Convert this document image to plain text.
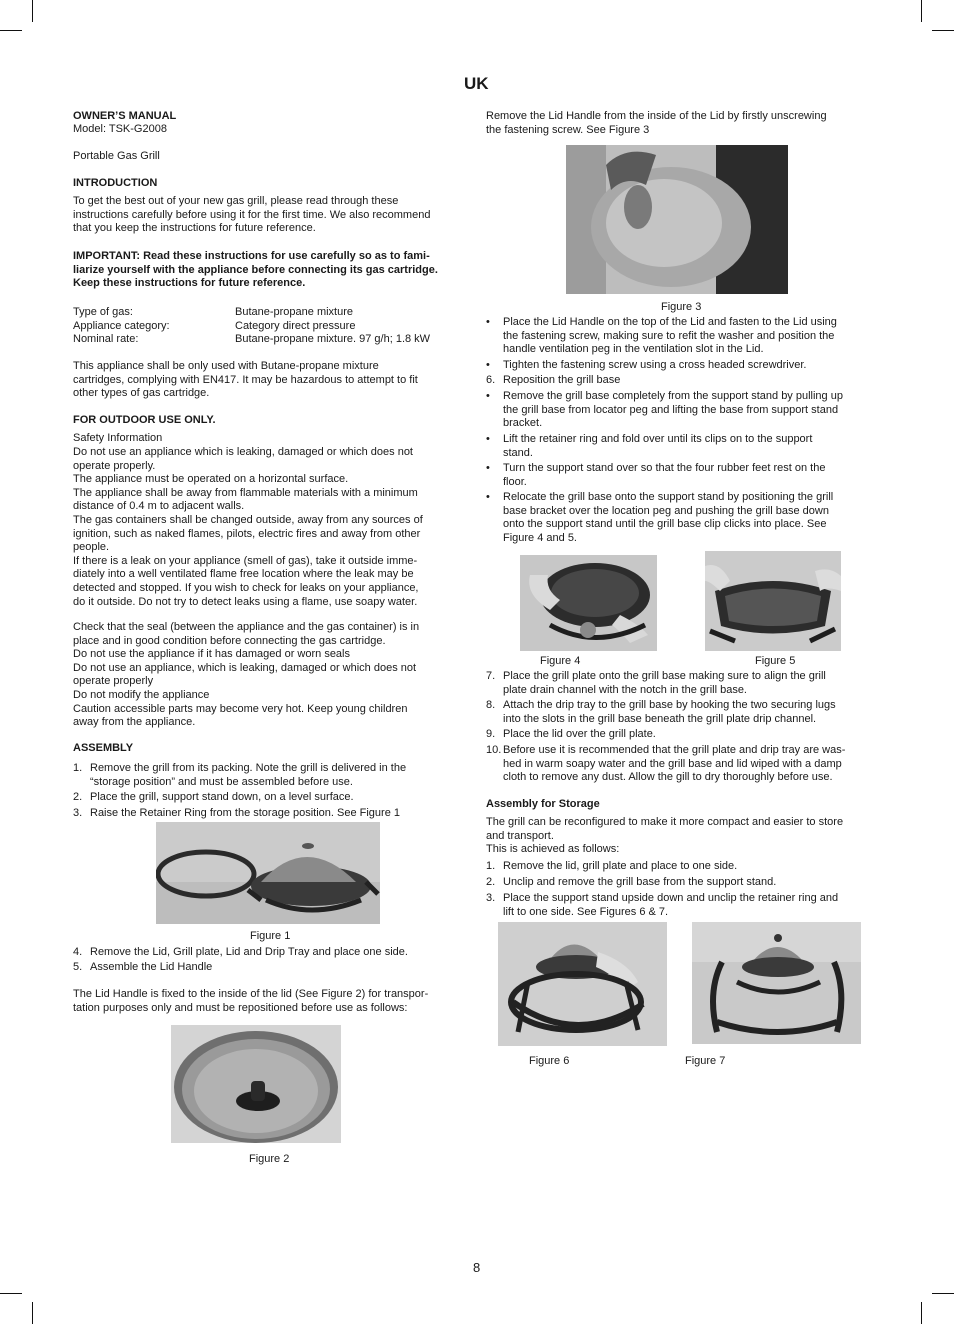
UK
OWNER’S MANUAL
Model: TSK-G2008
Portable Gas Grill
INTRODUCTION
To get the best out of your new gas grill, please read through these
instructions carefully before using it for the first time. We also recommend
that you keep the instructions for future reference.
IMPORTANT: Read these instructions for use carefully so as to fami-
liarize yourself with the appliance before connecting its gas cartridge.
Keep these instructions for future reference.
Type of gas:	Butane-propane mixture
Appliance category:	Category direct pressure
Nominal rate:	Butane-propane mixture. 97 g/h; 1.8 kW
This appliance shall be only used with Butane-propane mixture
cartridges, complying with EN417. It may be hazardous to attempt to fit
other types of gas cartridge.
FOR OUTDOOR USE ONLY.
Safety Information
Do not use an appliance which is leaking, damaged or which does not
operate properly.
The appliance must be operated on a horizontal surface.
The appliance shall be away from flammable materials with a minimum
distance of 0.4 m to adjacent walls.
The gas containers shall be changed outside, away from any sources of
ignition, such as naked flames, pilots, electric fires and away from other
people.
If there is a leak on your appliance (smell of gas), take it outside imme-
diately into a well ventilated flame free location where the leak may be
detected and stopped. If you wish to check for leaks on your appliance,
do it outside. Do not try to detect leaks using a flame, use soapy water.
Check that the seal (between the appliance and the gas container) is in
place and in good condition before connecting the gas cartridge.
Do not use the appliance if it has damaged or worn seals
Do not use an appliance, which is leaking, damaged or which does not
operate properly
Do not modify the appliance
Caution accessible parts may become very hot. Keep young children
away from the appliance.
ASSEMBLY
1. Remove the grill from its packing. Note the grill is delivered in the
“storage position” and must be assembled before use.
2. Place the grill, support stand down, on a level surface.
3. Raise the Retainer Ring from the storage position. See Figure 1
Figure 1
4. Remove the Lid, Grill plate, Lid and Drip Tray and place one side.
5. Assemble the Lid Handle
The Lid Handle is fixed to the inside of the lid (See Figure 2) for transpor-
tation purposes only and must be repositioned before use as follows:
Figure 2
Remove the Lid Handle from the inside of the Lid by firstly unscrewing
the fastening screw. See Figure 3
Figure 3
• Place the Lid Handle on the top of the Lid and fasten to the Lid using
the fastening screw, making sure to refit the washer and position the
handle ventilation peg in the ventilation slot in the Lid.
• Tighten the fastening screw using a cross headed screwdriver.
6. Reposition the grill base
• Remove the grill base completely from the support stand by pulling up
the grill base from locator peg and lifting the base from support stand
bracket.
• Lift the retainer ring and fold over until its clips on to the support
stand.
• Turn the support stand over so that the four rubber feet rest on the
floor.
• Relocate the grill base onto the support stand by positioning the grill
base bracket over the location peg and pushing the grill base down
onto the support stand until the grill base clip clicks into place. See
Figure 4 and 5.
Figure 4	Figure 5
7. Place the grill plate onto the grill base making sure to align the grill
plate drain channel with the notch in the grill base.
8. Attach the drip tray to the grill base by hooking the two securing lugs
into the slots in the grill base beneath the grill plate drip channel.
9. Place the lid over the grill plate.
10. Before use it is recommended that the grill plate and drip tray are was-
hed in warm soapy water and the grill base and lid wiped with a damp
cloth to remove any dust. Allow the gill to dry thoroughly before use.
Assembly for Storage
The grill can be reconfigured to make it more compact and easier to store
and transport.
This is achieved as follows:
1. Remove the lid, grill plate and place to one side.
2. Unclip and remove the grill base from the support stand.
3. Place the support stand upside down and unclip the retainer ring and
lift to one side. See Figures 6 & 7.
Figure 6	Figure 7
8
